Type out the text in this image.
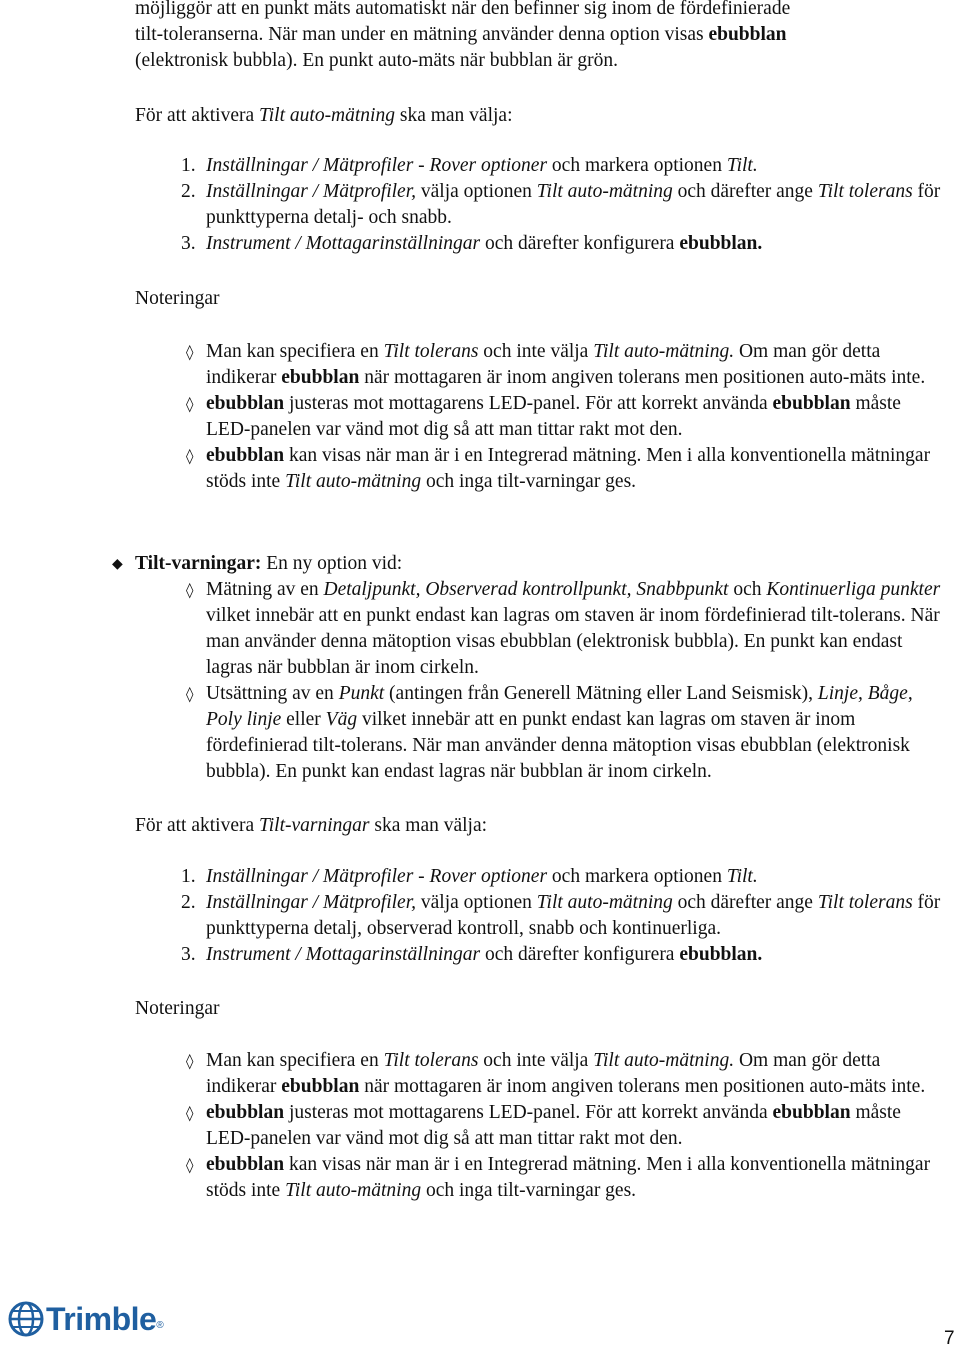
möjliggör att en punkt mäts automatiskt när den befinner sig inom de fördefinierade
tilt-toleranserna. När man under en mätning använder denna option visas ebubblan
(elektronisk bubbla). En punkt auto-mäts när bubblan är grön.
För att aktivera Tilt auto-mätning ska man välja:
1. Inställningar / Mätprofiler - Rover optioner och markera optionen Tilt.
2. Inställningar / Mätprofiler, välja optionen Tilt auto-mätning och därefter ange Tilt tolerans för punkttyperna detalj- och snabb.
3. Instrument / Mottagarinställningar och därefter konfigurera ebubblan.
Noteringar
◊ Man kan specifiera en Tilt tolerans och inte välja Tilt auto-mätning. Om man gör detta indikerar ebubblan när mottagaren är inom angiven tolerans men positionen auto-mäts inte.
◊ ebubblan justeras mot mottagarens LED-panel. För att korrekt använda ebubblan måste LED-panelen var vänd mot dig så att man tittar rakt mot den.
◊ ebubblan kan visas när man är i en Integrerad mätning. Men i alla konventionella mätningar stöds inte Tilt auto-mätning och inga tilt-varningar ges.
◆ Tilt-varningar: En ny option vid:
◊ Mätning av en Detaljpunkt, Observerad kontrollpunkt, Snabbpunkt och Kontinuerliga punkter vilket innebär att en punkt endast kan lagras om staven är inom fördefinierad tilt-tolerans. När man använder denna mätoption visas ebubblan (elektronisk bubbla). En punkt kan endast lagras när bubblan är inom cirkeln.
◊ Utsättning av en Punkt (antingen från Generell Mätning eller Land Seismisk), Linje, Båge, Poly linje eller Väg vilket innebär att en punkt endast kan lagras om staven är inom fördefinierad tilt-tolerans. När man använder denna mätoption visas ebubblan (elektronisk bubbla). En punkt kan endast lagras när bubblan är inom cirkeln.
För att aktivera Tilt-varningar ska man välja:
1. Inställningar / Mätprofiler - Rover optioner och markera optionen Tilt.
2. Inställningar / Mätprofiler, välja optionen Tilt auto-mätning och därefter ange Tilt tolerans för punkttyperna detalj, observerad kontroll, snabb och kontinuerliga.
3. Instrument / Mottagarinställningar och därefter konfigurera ebubblan.
Noteringar
◊ Man kan specifiera en Tilt tolerans och inte välja Tilt auto-mätning. Om man gör detta indikerar ebubblan när mottagaren är inom angiven tolerans men positionen auto-mäts inte.
◊ ebubblan justeras mot mottagarens LED-panel. För att korrekt använda ebubblan måste LED-panelen var vänd mot dig så att man tittar rakt mot den.
◊ ebubblan kan visas när man är i en Integrerad mätning. Men i alla konventionella mätningar stöds inte Tilt auto-mätning och inga tilt-varningar ges.
Trimble ®
7
